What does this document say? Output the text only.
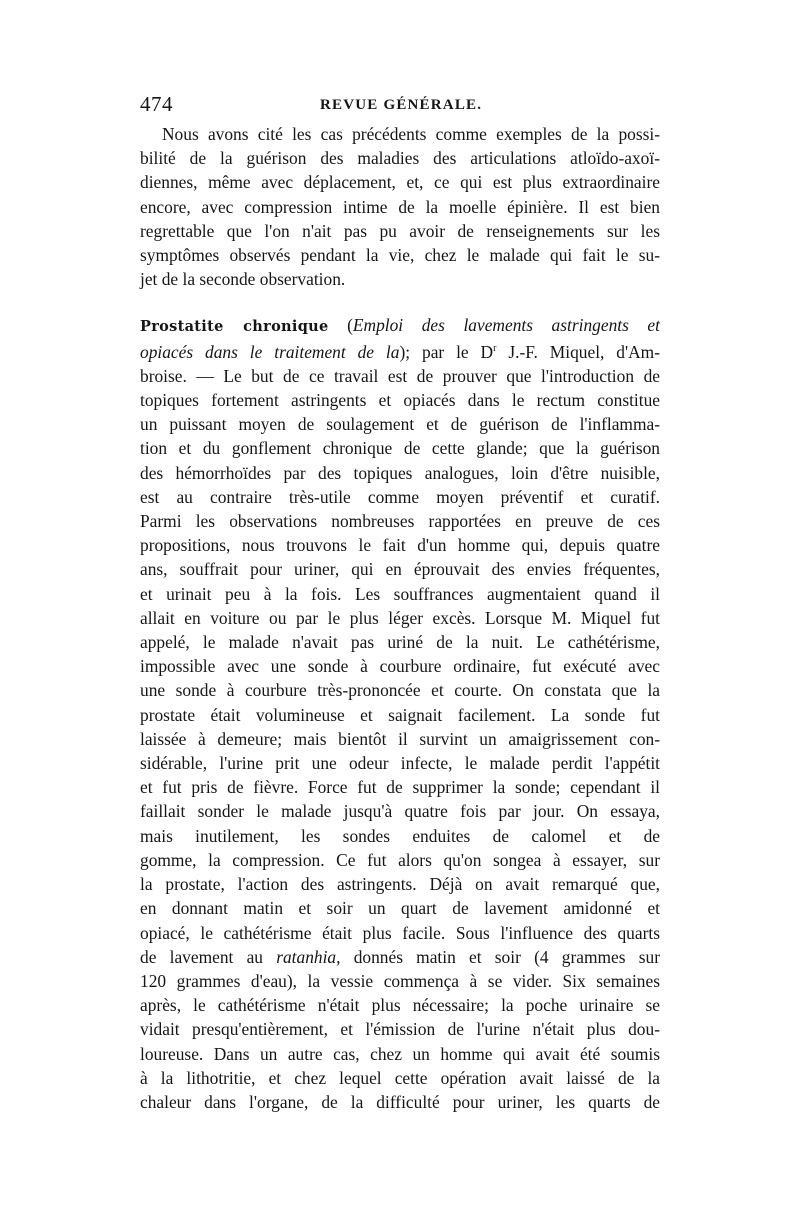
474	REVUE GÉNÉRALE.
Nous avons cité les cas précédents comme exemples de la possi-
bilité de la guérison des maladies des articulations atloïdo-axoï-
diennes, même avec déplacement, et, ce qui est plus extraordinaire
encore, avec compression intime de la moelle épinière. Il est bien
regrettable que l'on n'ait pas pu avoir de renseignements sur les
symptômes observés pendant la vie, chez le malade qui fait le su-
jet de la seconde observation.
Prostatite chronique (Emploi des lavements astringents et
opiacés dans le traitement de la); par le $D^r$ J.-F. Miquel, d'Am-
broise. — Le but de ce travail est de prouver que l'introduction de
topiques fortement astringents et opiacés dans le rectum constitue
un puissant moyen de soulagement et de guérison de l'inflamma-
tion et du gonflement chronique de cette glande; que la guérison
des hémorrhoïdes par des topiques analogues, loin d'être nuisible,
est au contraire très-utile comme moyen préventif et curatif.
Parmi les observations nombreuses rapportées en preuve de ces
propositions, nous trouvons le fait d'un homme qui, depuis quatre
ans, souffrait pour uriner, qui en éprouvait des envies fréquentes,
et urinait peu à la fois. Les souffrances augmentaient quand il
allait en voiture ou par le plus léger excès. Lorsque M. Miquel fut
appelé, le malade n'avait pas uriné de la nuit. Le cathétérisme,
impossible avec une sonde à courbure ordinaire, fut exécuté avec
une sonde à courbure très-prononcée et courte. On constata que la
prostate était volumineuse et saignait facilement. La sonde fut
laissée à demeure; mais bientôt il survint un amaigrissement con-
sidérable, l'urine prit une odeur infecte, le malade perdit l'appétit
et fut pris de fièvre. Force fut de supprimer la sonde; cependant il
faillait sonder le malade jusqu'à quatre fois par jour. On essaya,
mais inutilement, les sondes enduites de calomel et de
gomme, la compression. Ce fut alors qu'on songea à essayer, sur
la prostate, l'action des astringents. Déjà on avait remarqué que,
en donnant matin et soir un quart de lavement amidonné et
opiacé, le cathétérisme était plus facile. Sous l'influence des quarts
de lavement au ratanhia, donnés matin et soir (4 grammes sur
120 grammes d'eau), la vessie commença à se vider. Six semaines
après, le cathétérisme n'était plus nécessaire; la poche urinaire se
vidait presqu'entièrement, et l'émission de l'urine n'était plus dou-
loureuse. Dans un autre cas, chez un homme qui avait été soumis
à la lithotritie, et chez lequel cette opération avait laissé de la
chaleur dans l'organe, de la difficulté pour uriner, les quarts de
